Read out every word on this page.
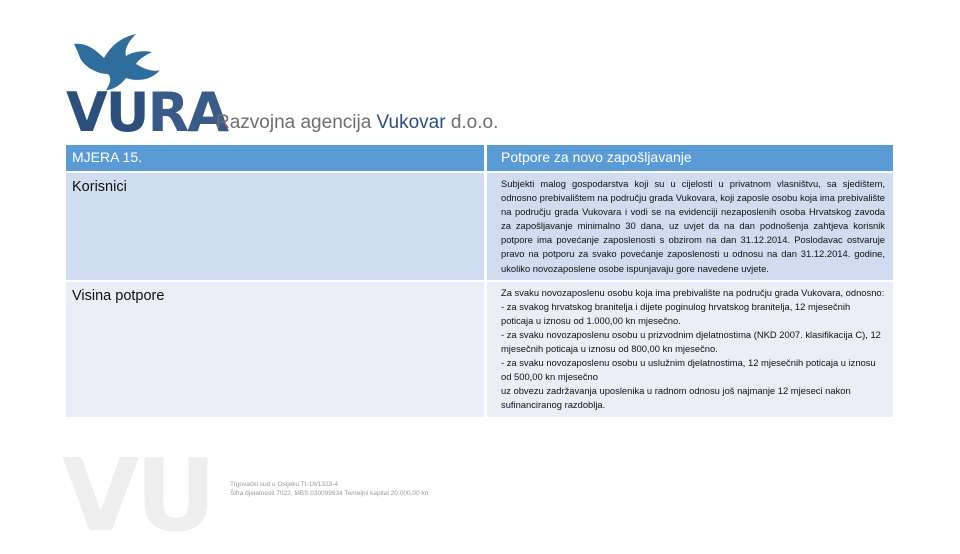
VURA
Razvojna agencija Vukovar d.o.o.
MJERA 15.	Potpore za novo zapošljavanje
Korisnici	Subjekti malog gospodarstva koji su u cijelosti u privatnom vlasništvu, sa sjedištem, odnosno prebivalištem na području grada Vukovara, koji zaposle osobu koja ima prebivalište na području grada Vukovara i vodi se na evidenciji nezaposlenih osoba Hrvatskog zavoda za zapošljavanje minimalno 30 dana, uz uvjet da na dan podnošenja zahtjeva korisnik potpore ima povećanje zaposlenosti s obzirom na dan 31.12.2014. Poslodavac ostvaruje pravo na potporu za svako povećanje zaposlenosti u odnosu na dan 31.12.2014. godine, ukoliko novozaposlene osobe ispunjavaju gore navedene uvjete.

Visina potpore	Za svaku novozaposlenu osobu koja ima prebivalište na području grada Vukovara, odnosno:
- za svakog hrvatskog branitelja i dijete poginulog hrvatskog branitelja, 12 mjesečnih poticaja u iznosu od 1.000,00 kn mjesečno.
- za svaku novozaposlenu osobu u prizvodnim djelatnostima (NKD 2007. klasifikacija C), 12 mjesečnih poticaja u iznosu od 800,00 kn mjesečno.
- za svaku novozaposlenu osobu u uslužnim djelatnostima, 12 mjesečnih poticaja u iznosu od 500,00 kn mjesečno
uz obvezu zadržavanja uposlenika u radnom odnosu još najmanje 12 mjeseci nakon sufinanciranog razdoblja.
VU	Trgovački sud u Osijeku Tt-18/1323-4
Šifra djelatnosti 7022, MBS 030099634 Temeljni kapital 20.000,00 kn
